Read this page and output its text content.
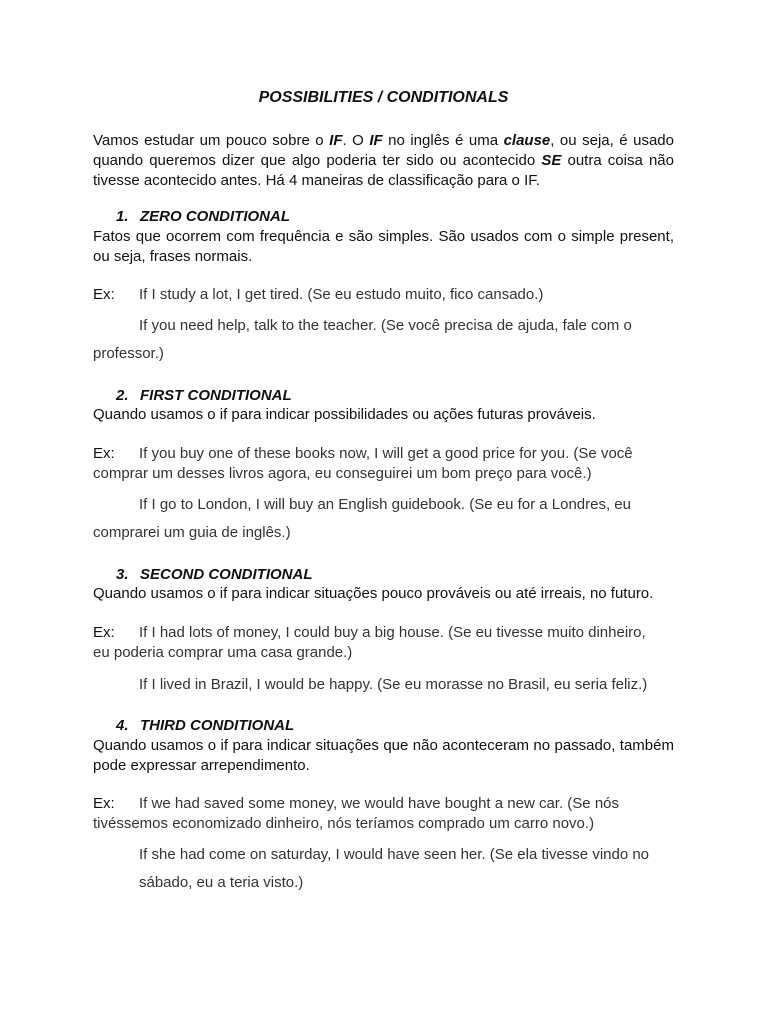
POSSIBILITIES / CONDITIONALS
Vamos estudar um pouco sobre o IF. O IF no inglês é uma clause, ou seja, é usado quando queremos dizer que algo poderia ter sido ou acontecido SE outra coisa não tivesse acontecido antes. Há 4 maneiras de classificação para o IF.
1. ZERO CONDITIONAL
Fatos que ocorrem com frequência e são simples. São usados com o simple present, ou seja, frases normais.
Ex: If I study a lot, I get tired. (Se eu estudo muito, fico cansado.)
If you need help, talk to the teacher. (Se você precisa de ajuda, fale com o
professor.)
2. FIRST CONDITIONAL
Quando usamos o if para indicar possibilidades ou ações futuras prováveis.
Ex: If you buy one of these books now, I will get a good price for you. (Se você
comprar um desses livros agora, eu conseguirei um bom preço para você.)
If I go to London, I will buy an English guidebook. (Se eu for a Londres, eu
comprarei um guia de inglês.)
3. SECOND CONDITIONAL
Quando usamos o if para indicar situações pouco prováveis ou até irreais, no futuro.
Ex: If I had lots of money, I could buy a big house. (Se eu tivesse muito dinheiro,
eu poderia comprar uma casa grande.)
If I lived in Brazil, I would be happy. (Se eu morasse no Brasil, eu seria feliz.)
4. THIRD CONDITIONAL
Quando usamos o if para indicar situações que não aconteceram no passado, também pode expressar arrependimento.
Ex: If we had saved some money, we would have bought a new car. (Se nós
tivéssemos economizado dinheiro, nós teríamos comprado um carro novo.)
If she had come on saturday, I would have seen her. (Se ela tivesse vindo no
sábado, eu a teria visto.)
